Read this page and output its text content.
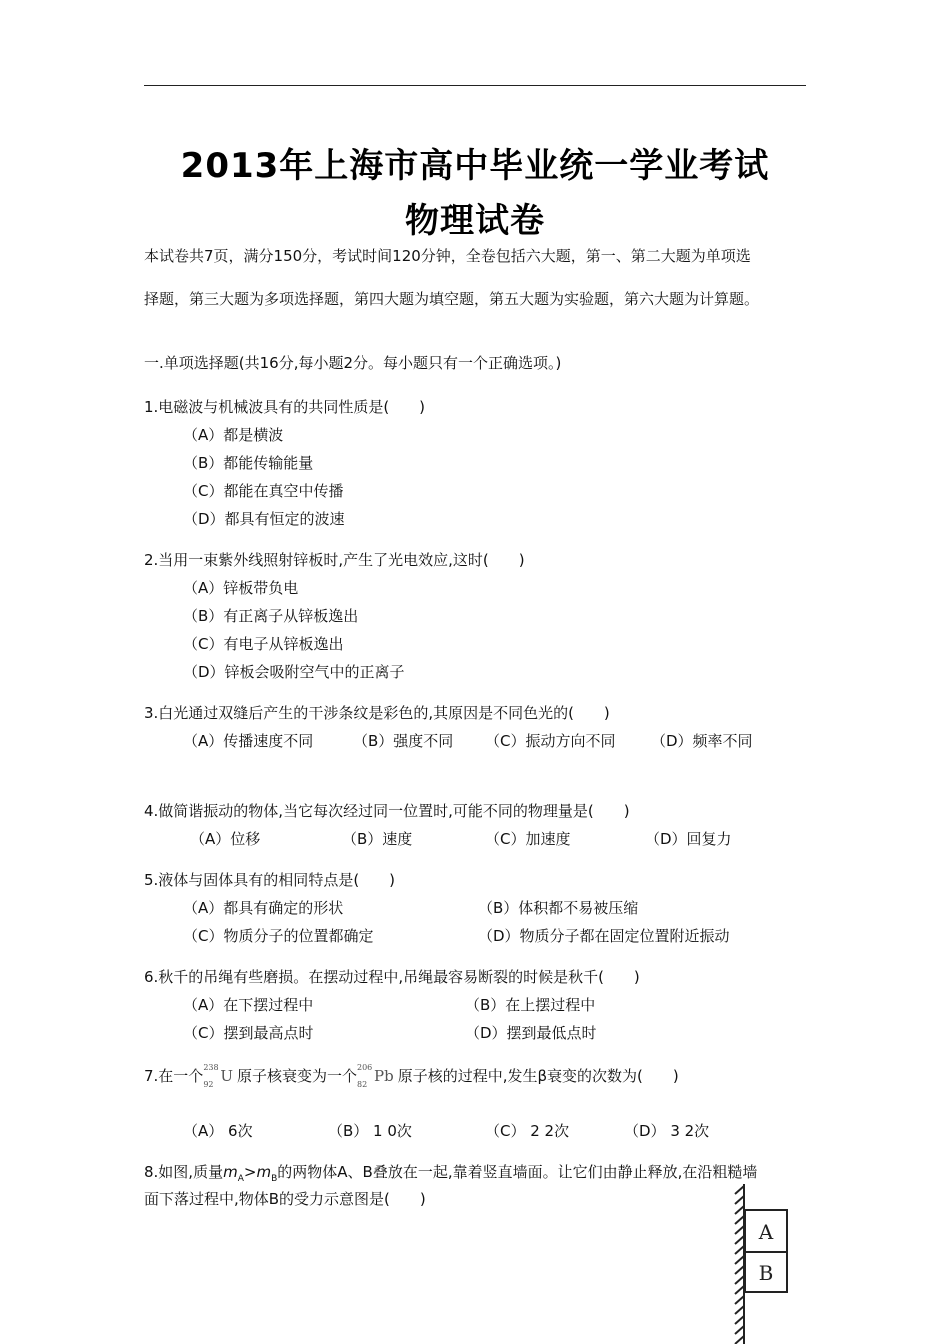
2013年上海市高中毕业统一学业考试
物理试卷
本试卷共7页，满分150分，考试时间120分钟，全卷包括六大题，第一、第二大题为单项选
择题，第三大题为多项选择题，第四大题为填空题，第五大题为实验题，第六大题为计算题。
一.单项选择题(共16分,每小题2分。每小题只有一个正确选项。)
1.电磁波与机械波具有的共同性质是(　　)
（A）都是横波
（B）都能传输能量
（C）都能在真空中传播
（D）都具有恒定的波速
2.当用一束紫外线照射锌板时,产生了光电效应,这时(　　)
（A）锌板带负电
（B）有正离子从锌板逸出
（C）有电子从锌板逸出
（D）锌板会吸附空气中的正离子
3.白光通过双缝后产生的干涉条纹是彩色的,其原因是不同色光的(　　)
（A）传播速度不同	（B）强度不同 （C）振动方向不同 （D）频率不同
4.做简谐振动的物体,当它每次经过同一位置时,可能不同的物理量是(　　)
（A）位移	（B）速度	（C）加速度	（D）回复力
5.液体与固体具有的相同特点是(　　)
（A）都具有确定的形状	（B）体积都不易被压缩
（C）物质分子的位置都确定	（D）物质分子都在固定位置附近振动
6.秋千的吊绳有些磨损。在摆动过程中,吊绳最容易断裂的时候是秋千(　　)
（A）在下摆过程中	（B）在上摆过程中
（C）摆到最高点时	（D）摆到最低点时
7.在一个 238
92 U 原子核衰变为一个 206
82 Pb 原子核的过程中,发生β衰变的次数为(　　)
（A） 6次	（B） 1 0次	（C） 2 2次	（D） 3 2次
8.如图,质量$m_A>m_B$的两物体A、B叠放在一起,靠着竖直墙面。让它们由静止释放,在沿粗糙墙
面下落过程中,物体B的受力示意图是(　　)
A
B
